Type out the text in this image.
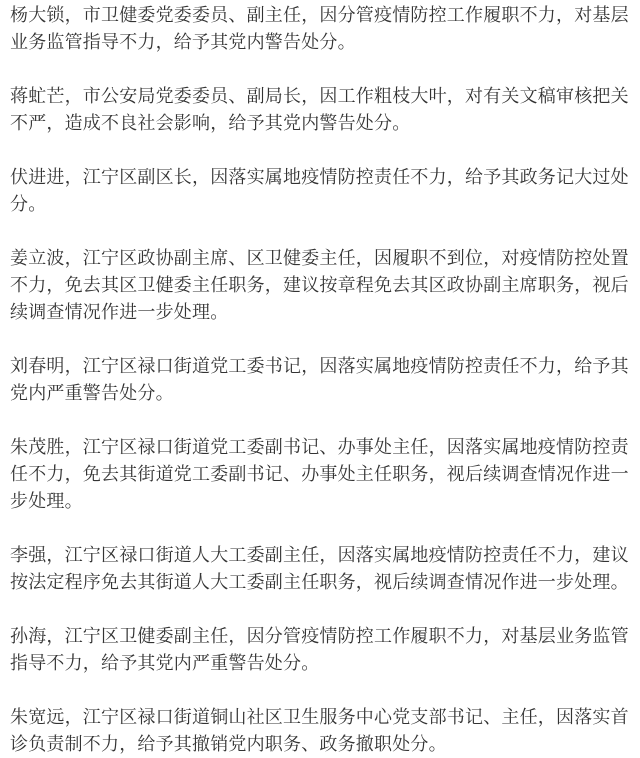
杨大锁，市卫健委党委委员、副主任，因分管疫情防控工作履职不力，对基层业务监管指导不力，给予其党内警告处分。

蒋虻芒，市公安局党委委员、副局长，因工作粗枝大叶，对有关文稿审核把关不严，造成不良社会影响，给予其党内警告处分。

伏进进，江宁区副区长，因落实属地疫情防控责任不力，给予其政务记大过处分。

姜立波，江宁区政协副主席、区卫健委主任，因履职不到位，对疫情防控处置不力，免去其区卫健委主任职务，建议按章程免去其区政协副主席职务，视后续调查情况作进一步处理。

刘春明，江宁区禄口街道党工委书记，因落实属地疫情防控责任不力，给予其党内严重警告处分。

朱茂胜，江宁区禄口街道党工委副书记、办事处主任，因落实属地疫情防控责任不力，免去其街道党工委副书记、办事处主任职务，视后续调查情况作进一步处理。

李强，江宁区禄口街道人大工委副主任，因落实属地疫情防控责任不力，建议按法定程序免去其街道人大工委副主任职务，视后续调查情况作进一步处理。

孙海，江宁区卫健委副主任，因分管疫情防控工作履职不力，对基层业务监管指导不力，给予其党内严重警告处分。

朱宽远，江宁区禄口街道铜山社区卫生服务中心党支部书记、主任，因落实首诊负责制不力，给予其撤销党内职务、政务撤职处分。
